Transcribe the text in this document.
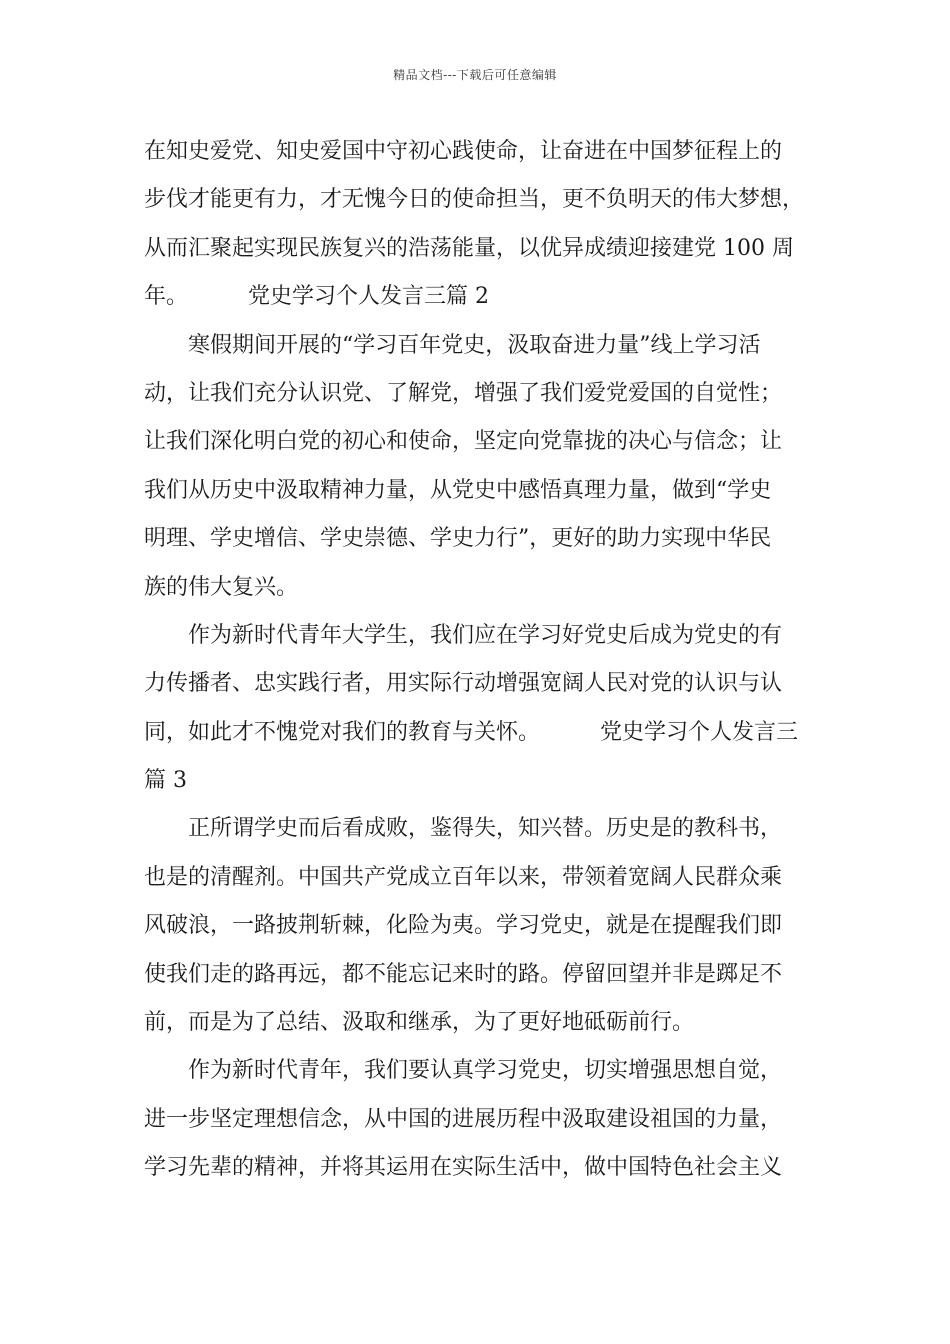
精品文档---下载后可任意编辑
在知史爱党、知史爱国中守初心践使命，让奋进在中国梦征程上的
步伐才能更有力，才无愧今日的使命担当，更不负明天的伟大梦想，
从而汇聚起实现民族复兴的浩荡能量，以优异成绩迎接建党 100 周
年。	党史学习个人发言三篇 2
寒假期间开展的“学习百年党史，汲取奋进力量”线上学习活
动，让我们充分认识党、了解党，增强了我们爱党爱国的自觉性；
让我们深化明白党的初心和使命，坚定向党靠拢的决心与信念；让
我们从历史中汲取精神力量，从党史中感悟真理力量，做到“学史
明理、学史增信、学史崇德、学史力行”，更好的助力实现中华民
族的伟大复兴。
作为新时代青年大学生，我们应在学习好党史后成为党史的有
力传播者、忠实践行者，用实际行动增强宽阔人民对党的认识与认
同，如此才不愧党对我们的教育与关怀。	党史学习个人发言三
篇 3
正所谓学史而后看成败，鉴得失，知兴替。历史是的教科书，
也是的清醒剂。中国共产党成立百年以来，带领着宽阔人民群众乘
风破浪，一路披荆斩棘，化险为夷。学习党史，就是在提醒我们即
使我们走的路再远，都不能忘记来时的路。停留回望并非是踯足不
前，而是为了总结、汲取和继承，为了更好地砥砺前行。
作为新时代青年，我们要认真学习党史，切实增强思想自觉，
进一步坚定理想信念，从中国的进展历程中汲取建设祖国的力量，
学习先辈的精神，并将其运用在实际生活中，做中国特色社会主义
